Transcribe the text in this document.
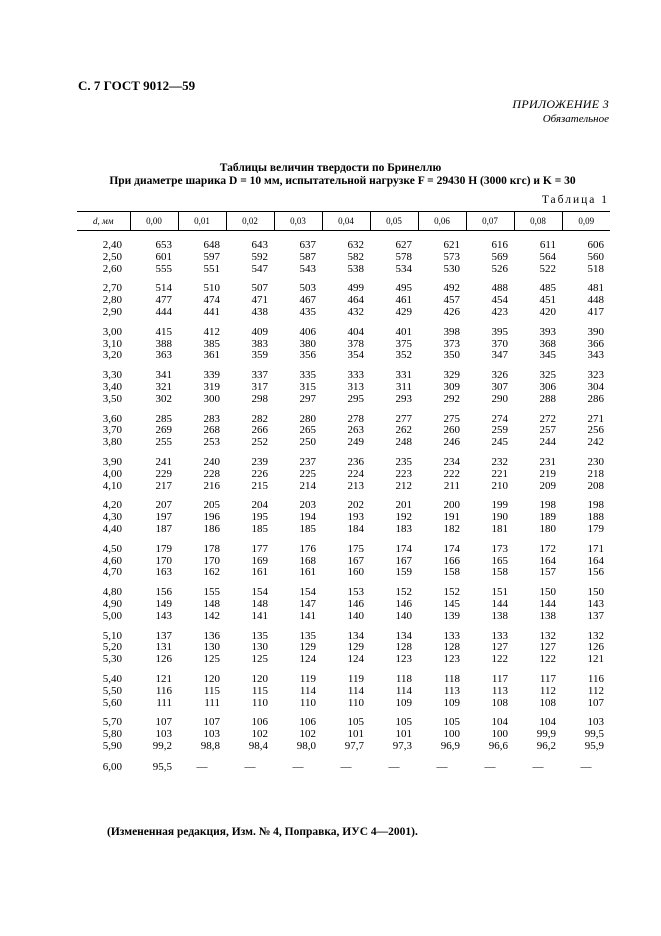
С. 7 ГОСТ 9012—59
ПРИЛОЖЕНИЕ 3
Обязательное
Таблицы величин твердости по Бринеллю
При диаметре шарика D = 10 мм, испытательной нагрузке F = 29430 Н (3000 кгс) и K = 30
Таблица 1
d, мм	0,00	0,01	0,02	0,03	0,04	0,05	0,06	0,07	0,08	0,09
2,40	653	648	643	637	632	627	621	616	611	606
2,50	601	597	592	587	582	578	573	569	564	560
2,60	555	551	547	543	538	534	530	526	522	518
2,70	514	510	507	503	499	495	492	488	485	481
2,80	477	474	471	467	464	461	457	454	451	448
2,90	444	441	438	435	432	429	426	423	420	417
3,00	415	412	409	406	404	401	398	395	393	390
3,10	388	385	383	380	378	375	373	370	368	366
3,20	363	361	359	356	354	352	350	347	345	343
3,30	341	339	337	335	333	331	329	326	325	323
3,40	321	319	317	315	313	311	309	307	306	304
3,50	302	300	298	297	295	293	292	290	288	286
3,60	285	283	282	280	278	277	275	274	272	271
3,70	269	268	266	265	263	262	260	259	257	256
3,80	255	253	252	250	249	248	246	245	244	242
3,90	241	240	239	237	236	235	234	232	231	230
4,00	229	228	226	225	224	223	222	221	219	218
4,10	217	216	215	214	213	212	211	210	209	208
4,20	207	205	204	203	202	201	200	199	198	198
4,30	197	196	195	194	193	192	191	190	189	188
4,40	187	186	185	185	184	183	182	181	180	179
4,50	179	178	177	176	175	174	174	173	172	171
4,60	170	170	169	168	167	167	166	165	164	164
4,70	163	162	161	161	160	159	158	158	157	156
4,80	156	155	154	154	153	152	152	151	150	150
4,90	149	148	148	147	146	146	145	144	144	143
5,00	143	142	141	141	140	140	139	138	138	137
5,10	137	136	135	135	134	134	133	133	132	132
5,20	131	130	130	129	129	128	128	127	127	126
5,30	126	125	125	124	124	123	123	122	122	121
5,40	121	120	120	119	119	118	118	117	117	116
5,50	116	115	115	114	114	114	113	113	112	112
5,60	111	111	110	110	110	109	109	108	108	107
5,70	107	107	106	106	105	105	105	104	104	103
5,80	103	103	102	102	101	101	100	100	99,9	99,5
5,90	99,2	98,8	98,4	98,0	97,7	97,3	96,9	96,6	96,2	95,9
6,00	95,5	—	—	—	—	—	—	—	—	—
(Измененная редакция, Изм. № 4, Поправка, ИУС 4—2001).
